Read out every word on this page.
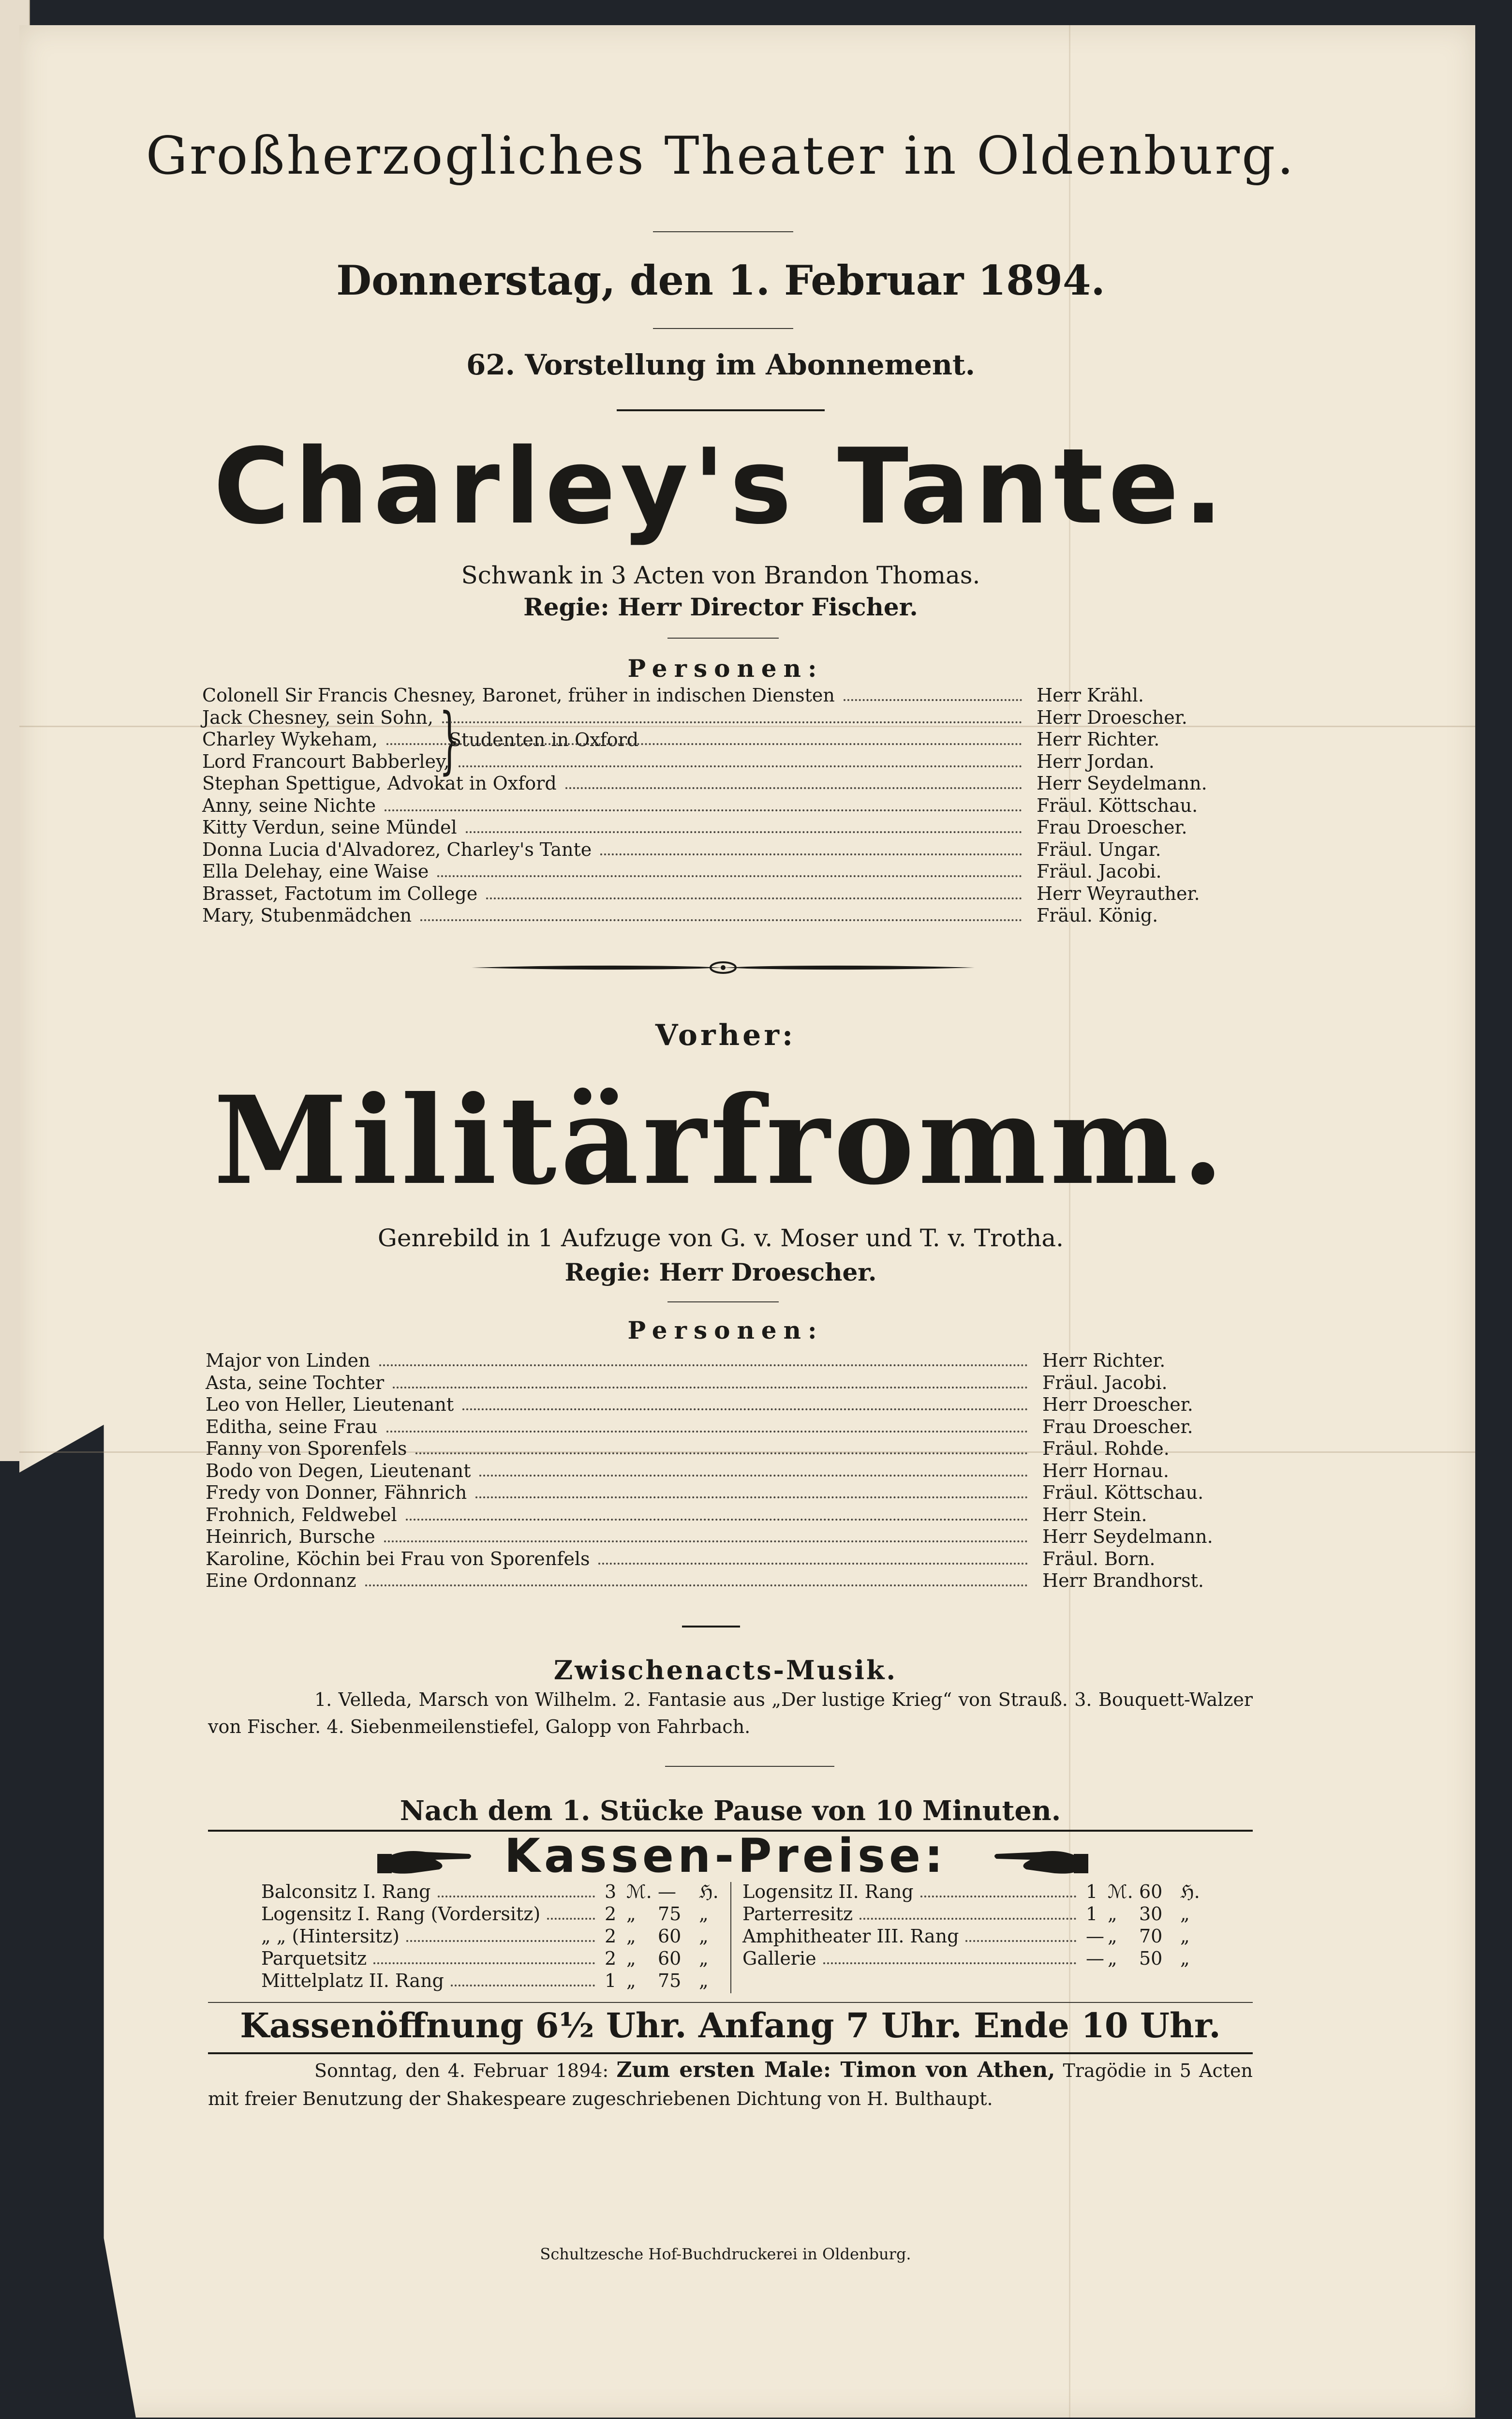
Großherzogliches Theater in Oldenburg.
Donnerstag, den 1. Februar 1894.
62. Vorstellung im Abonnement.
Charley's Tante.
Schwank in 3 Acten von Brandon Thomas.
Regie: Herr Director Fischer.
Personen:
}
Studenten in Oxford
Colonell Sir Francis Chesney, Baronet, früher in indischen Diensten	Herr Krähl.
Jack Chesney, sein Sohn,	Herr Droescher.
Charley Wykeham,	Herr Richter.
Lord Francourt Babberley,	Herr Jordan.
Stephan Spettigue, Advokat in Oxford	Herr Seydelmann.
Anny, seine Nichte	Fräul. Köttschau.
Kitty Verdun, seine Mündel	Frau Droescher.
Donna Lucia d'Alvadorez, Charley's Tante	Fräul. Ungar.
Ella Delehay, eine Waise	Fräul. Jacobi.
Brasset, Factotum im College	Herr Weyrauther.
Mary, Stubenmädchen	Fräul. König.
Vorher:
Militärfromm.
Genrebild in 1 Aufzuge von G. v. Moser und T. v. Trotha.
Regie: Herr Droescher.
Personen:
Major von Linden	Herr Richter.
Asta, seine Tochter	Fräul. Jacobi.
Leo von Heller, Lieutenant	Herr Droescher.
Editha, seine Frau	Frau Droescher.
Fanny von Sporenfels	Fräul. Rohde.
Bodo von Degen, Lieutenant	Herr Hornau.
Fredy von Donner, Fähnrich	Fräul. Köttschau.
Frohnich, Feldwebel	Herr Stein.
Heinrich, Bursche	Herr Seydelmann.
Karoline, Köchin bei Frau von Sporenfels	Fräul. Born.
Eine Ordonnanz	Herr Brandhorst.
Zwischenacts-Musik.
1. Velleda, Marsch von Wilhelm. 2. Fantasie aus „Der lustige Krieg“ von Strauß. 3. Bouquett-Walzer von Fischer. 4. Siebenmeilenstiefel, Galopp von Fahrbach.
Nach dem 1. Stücke Pause von 10 Minuten.
Kassen-Preise:
Balconsitz I. Rang	3 ℳ. — ℌ.
Logensitz I. Rang (Vordersitz)	2 „ 75 „
„ „ (Hintersitz)	2 „ 60 „
Parquetsitz	2 „ 60 „
Mittelplatz II. Rang	1 „ 75 „
Logensitz II. Rang	1 ℳ. 60 ℌ.
Parterresitz	1 „ 30 „
Amphitheater III. Rang	— „ 70 „
Gallerie	— „ 50 „
Kassenöffnung 6½ Uhr. Anfang 7 Uhr. Ende 10 Uhr.
Sonntag, den 4. Februar 1894: Zum ersten Male: Timon von Athen, Tragödie in 5 Acten mit freier Benutzung der Shakespeare zugeschriebenen Dichtung von H. Bulthaupt.
Schultzesche Hof-Buchdruckerei in Oldenburg.
